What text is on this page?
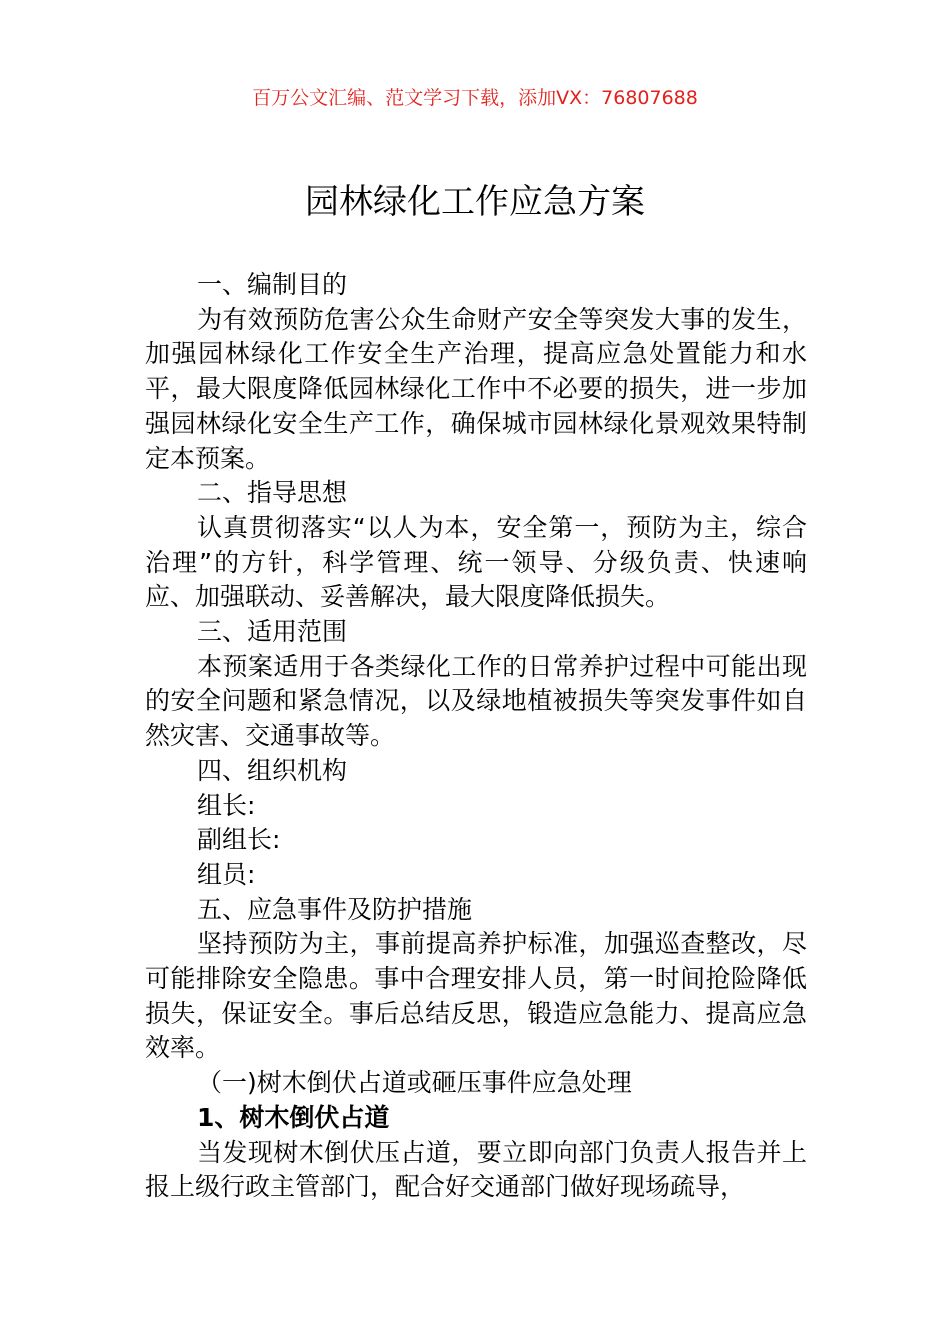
百万公文汇编、范文学习下载，添加VX：76807688
园林绿化工作应急方案

一、编制目的

为有效预防危害公众生命财产安全等突发大事的发生，加强园林绿化工作安全生产治理，提高应急处置能力和水平，最大限度降低园林绿化工作中不必要的损失，进一步加强园林绿化安全生产工作，确保城市园林绿化景观效果特制定本预案。

二、指导思想

认真贯彻落实“以人为本，安全第一，预防为主，综合治理”的方针，科学管理、统一领导、分级负责、快速响应、加强联动、妥善解决，最大限度降低损失。

三、适用范围

本预案适用于各类绿化工作的日常养护过程中可能出现的安全问题和紧急情况，以及绿地植被损失等突发事件如自然灾害、交通事故等。

四、组织机构

组长:

副组长:

组员:

五、应急事件及防护措施

坚持预防为主，事前提高养护标准，加强巡查整改，尽可能排除安全隐患。事中合理安排人员，第一时间抢险降低损失，保证安全。事后总结反思，锻造应急能力、提高应急效率。

（一)树木倒伏占道或砸压事件应急处理

1、树木倒伏占道

当发现树木倒伏压占道，要立即向部门负责人报告并上报上级行政主管部门，配合好交通部门做好现场疏导，
